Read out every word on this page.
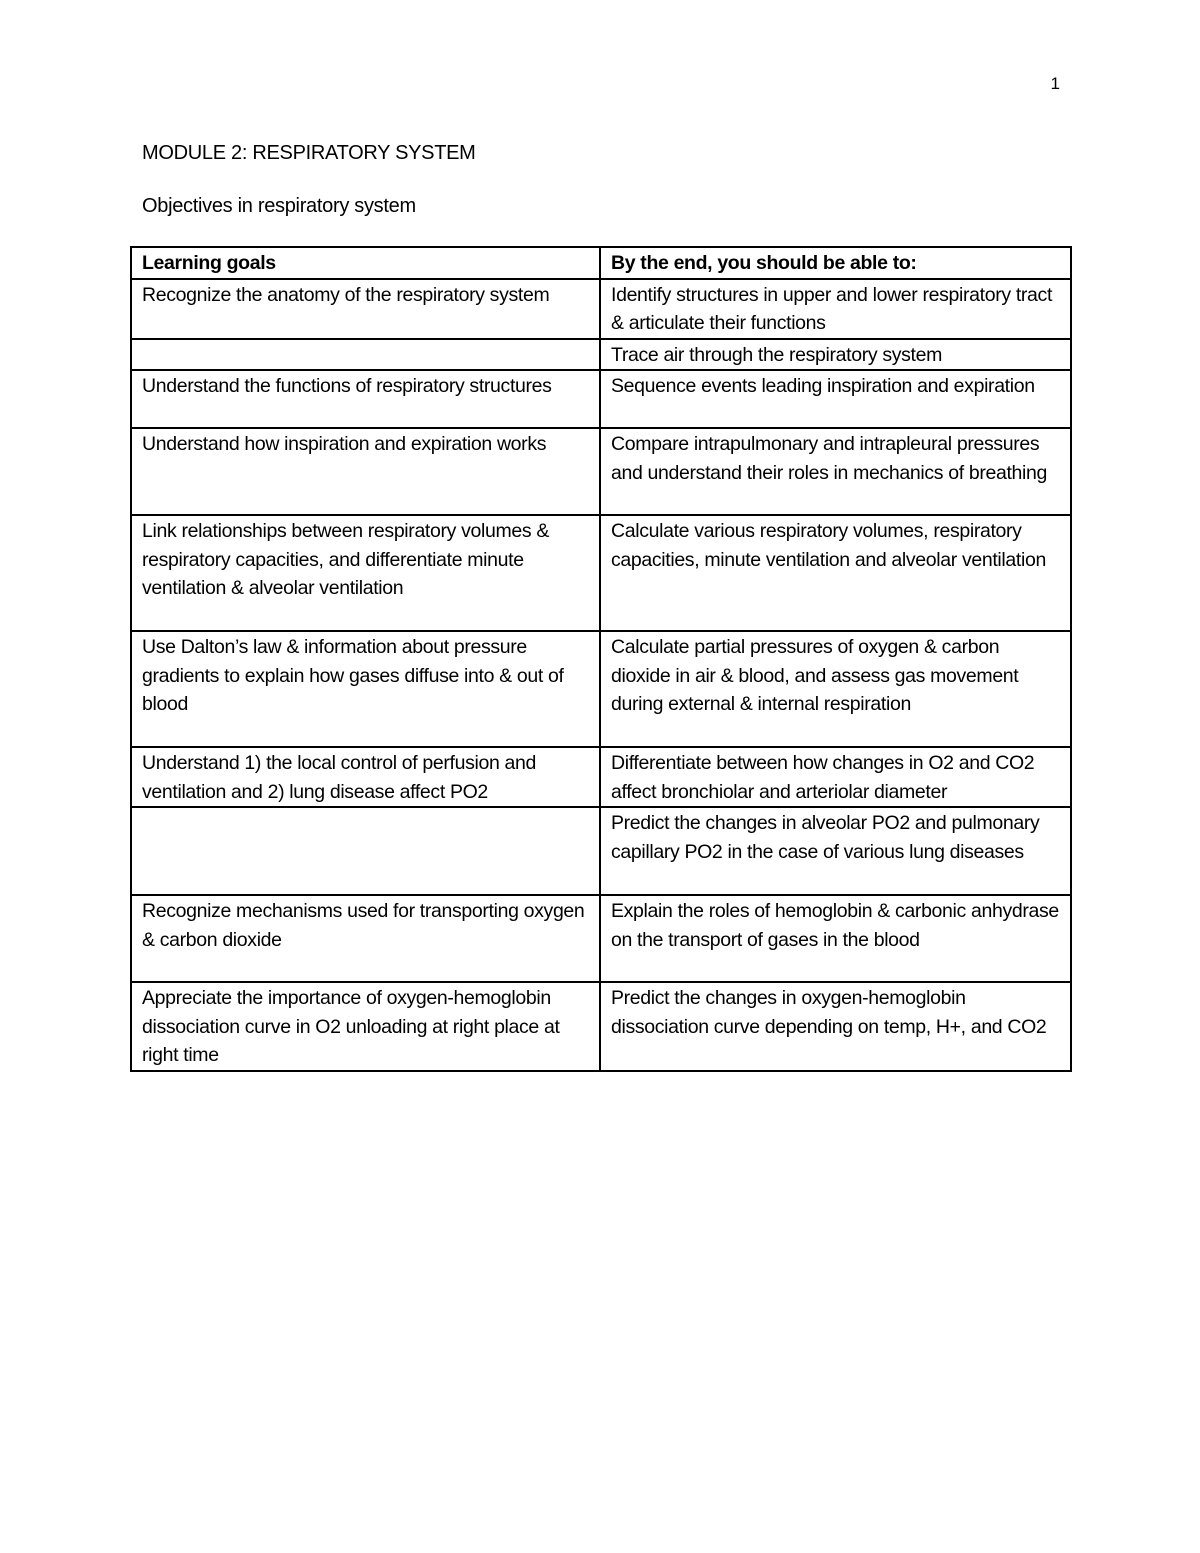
1
MODULE 2: RESPIRATORY SYSTEM
Objectives in respiratory system
Learning goals	By the end, you should be able to:
Recognize the anatomy of the respiratory system	Identify structures in upper and lower respiratory tract & articulate their functions
	Trace air through the respiratory system
Understand the functions of respiratory structures	Sequence events leading inspiration and expiration
Understand how inspiration and expiration works	Compare intrapulmonary and intrapleural pressures and understand their roles in mechanics of breathing
Link relationships between respiratory volumes & respiratory capacities, and differentiate minute ventilation & alveolar ventilation	Calculate various respiratory volumes, respiratory capacities, minute ventilation and alveolar ventilation
Use Dalton’s law & information about pressure gradients to explain how gases diffuse into & out of blood	Calculate partial pressures of oxygen & carbon dioxide in air & blood, and assess gas movement during external & internal respiration
Understand 1) the local control of perfusion and ventilation and 2) lung disease affect PO2	Differentiate between how changes in O2 and CO2 affect bronchiolar and arteriolar diameter
	Predict the changes in alveolar PO2 and pulmonary capillary PO2 in the case of various lung diseases
Recognize mechanisms used for transporting oxygen & carbon dioxide	Explain the roles of hemoglobin & carbonic anhydrase on the transport of gases in the blood
Appreciate the importance of oxygen-hemoglobin dissociation curve in O2 unloading at right place at right time	Predict the changes in oxygen-hemoglobin dissociation curve depending on temp, H+, and CO2
